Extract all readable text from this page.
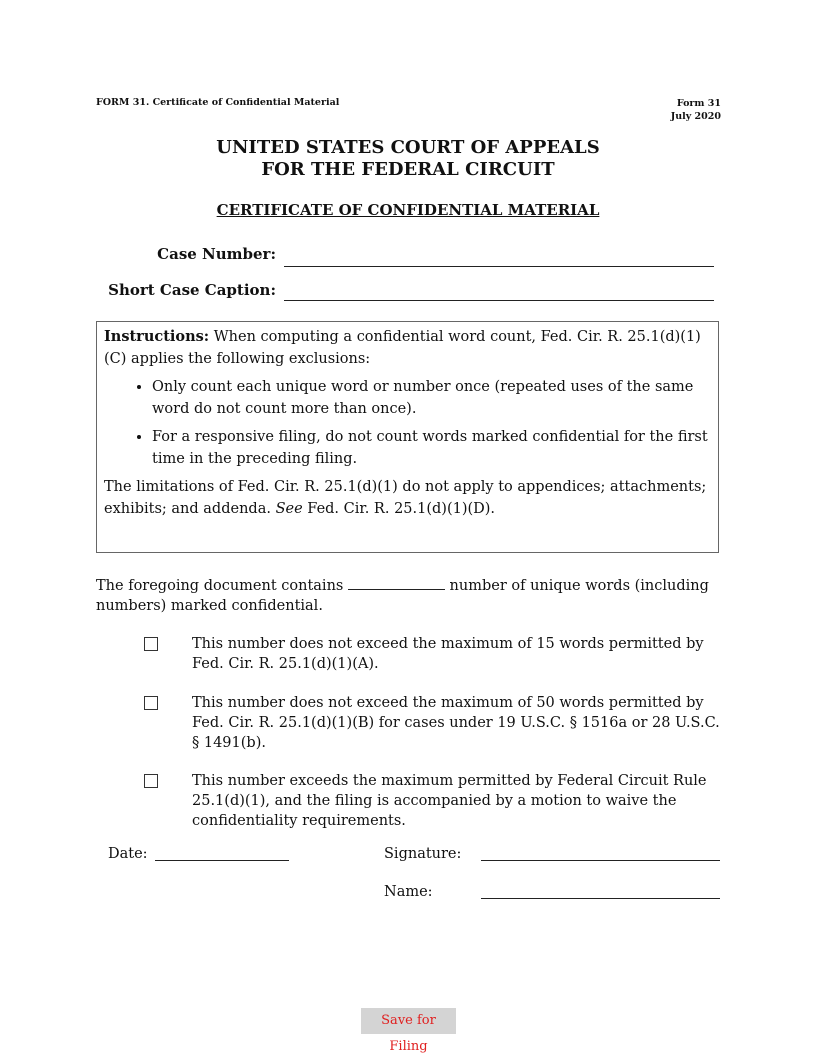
FORM 31. Certificate of Confidential Material	Form 31
July 2020
UNITED STATES COURT OF APPEALS
FOR THE FEDERAL CIRCUIT
CERTIFICATE OF CONFIDENTIAL MATERIAL
Case Number:
Short Case Caption:

Instructions: When computing a confidential word count, Fed. Cir. R. 25.1(d)(1)(C) applies the following exclusions:

• Only count each unique word or number once (repeated uses of the same word do not count more than once).
• For a responsive filing, do not count words marked confidential for the first time in the preceding filing.

The limitations of Fed. Cir. R. 25.1(d)(1) do not apply to appendices; attachments; exhibits; and addenda. See Fed. Cir. R. 25.1(d)(1)(D).

The foregoing document contains	number of unique words (including numbers) marked confidential.
This number does not exceed the maximum of 15 words permitted by Fed. Cir. R. 25.1(d)(1)(A).
This number does not exceed the maximum of 50 words permitted by Fed. Cir. R. 25.1(d)(1)(B) for cases under 19 U.S.C. § 1516a or 28 U.S.C. § 1491(b).
This number exceeds the maximum permitted by Federal Circuit Rule 25.1(d)(1), and the filing is accompanied by a motion to waive the confidentiality requirements.
Date:	Signature:
Name:
Save for Filing
